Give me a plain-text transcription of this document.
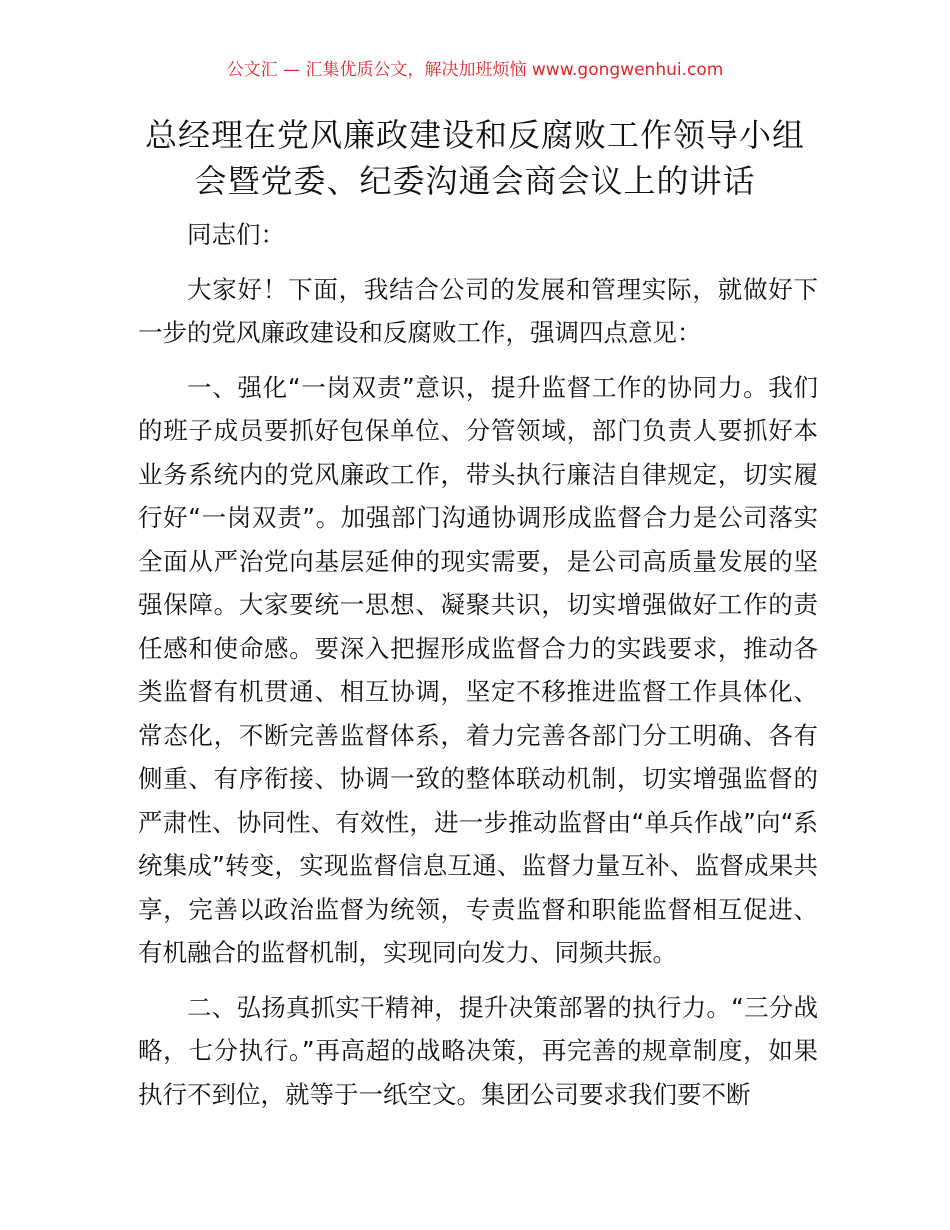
公文汇 — 汇集优质公文，解决加班烦恼 www.gongwenhui.com
总经理在党风廉政建设和反腐败工作领导小组
会暨党委、纪委沟通会商会议上的讲话

同志们：

大家好！下面，我结合公司的发展和管理实际，就做好下一步的党风廉政建设和反腐败工作，强调四点意见：

一、强化“一岗双责”意识，提升监督工作的协同力。我们的班子成员要抓好包保单位、分管领域，部门负责人要抓好本业务系统内的党风廉政工作，带头执行廉洁自律规定，切实履行好“一岗双责”。加强部门沟通协调形成监督合力是公司落实全面从严治党向基层延伸的现实需要，是公司高质量发展的坚强保障。大家要统一思想、凝聚共识，切实增强做好工作的责任感和使命感。要深入把握形成监督合力的实践要求，推动各类监督有机贯通、相互协调，坚定不移推进监督工作具体化、常态化，不断完善监督体系，着力完善各部门分工明确、各有侧重、有序衔接、协调一致的整体联动机制，切实增强监督的严肃性、协同性、有效性，进一步推动监督由“单兵作战”向“系统集成”转变，实现监督信息互通、监督力量互补、监督成果共享，完善以政治监督为统领，专责监督和职能监督相互促进、有机融合的监督机制，实现同向发力、同频共振。

二、弘扬真抓实干精神，提升决策部署的执行力。“三分战略，七分执行。”再高超的战略决策，再完善的规章制度，如果执行不到位，就等于一纸空文。集团公司要求我们要不断
